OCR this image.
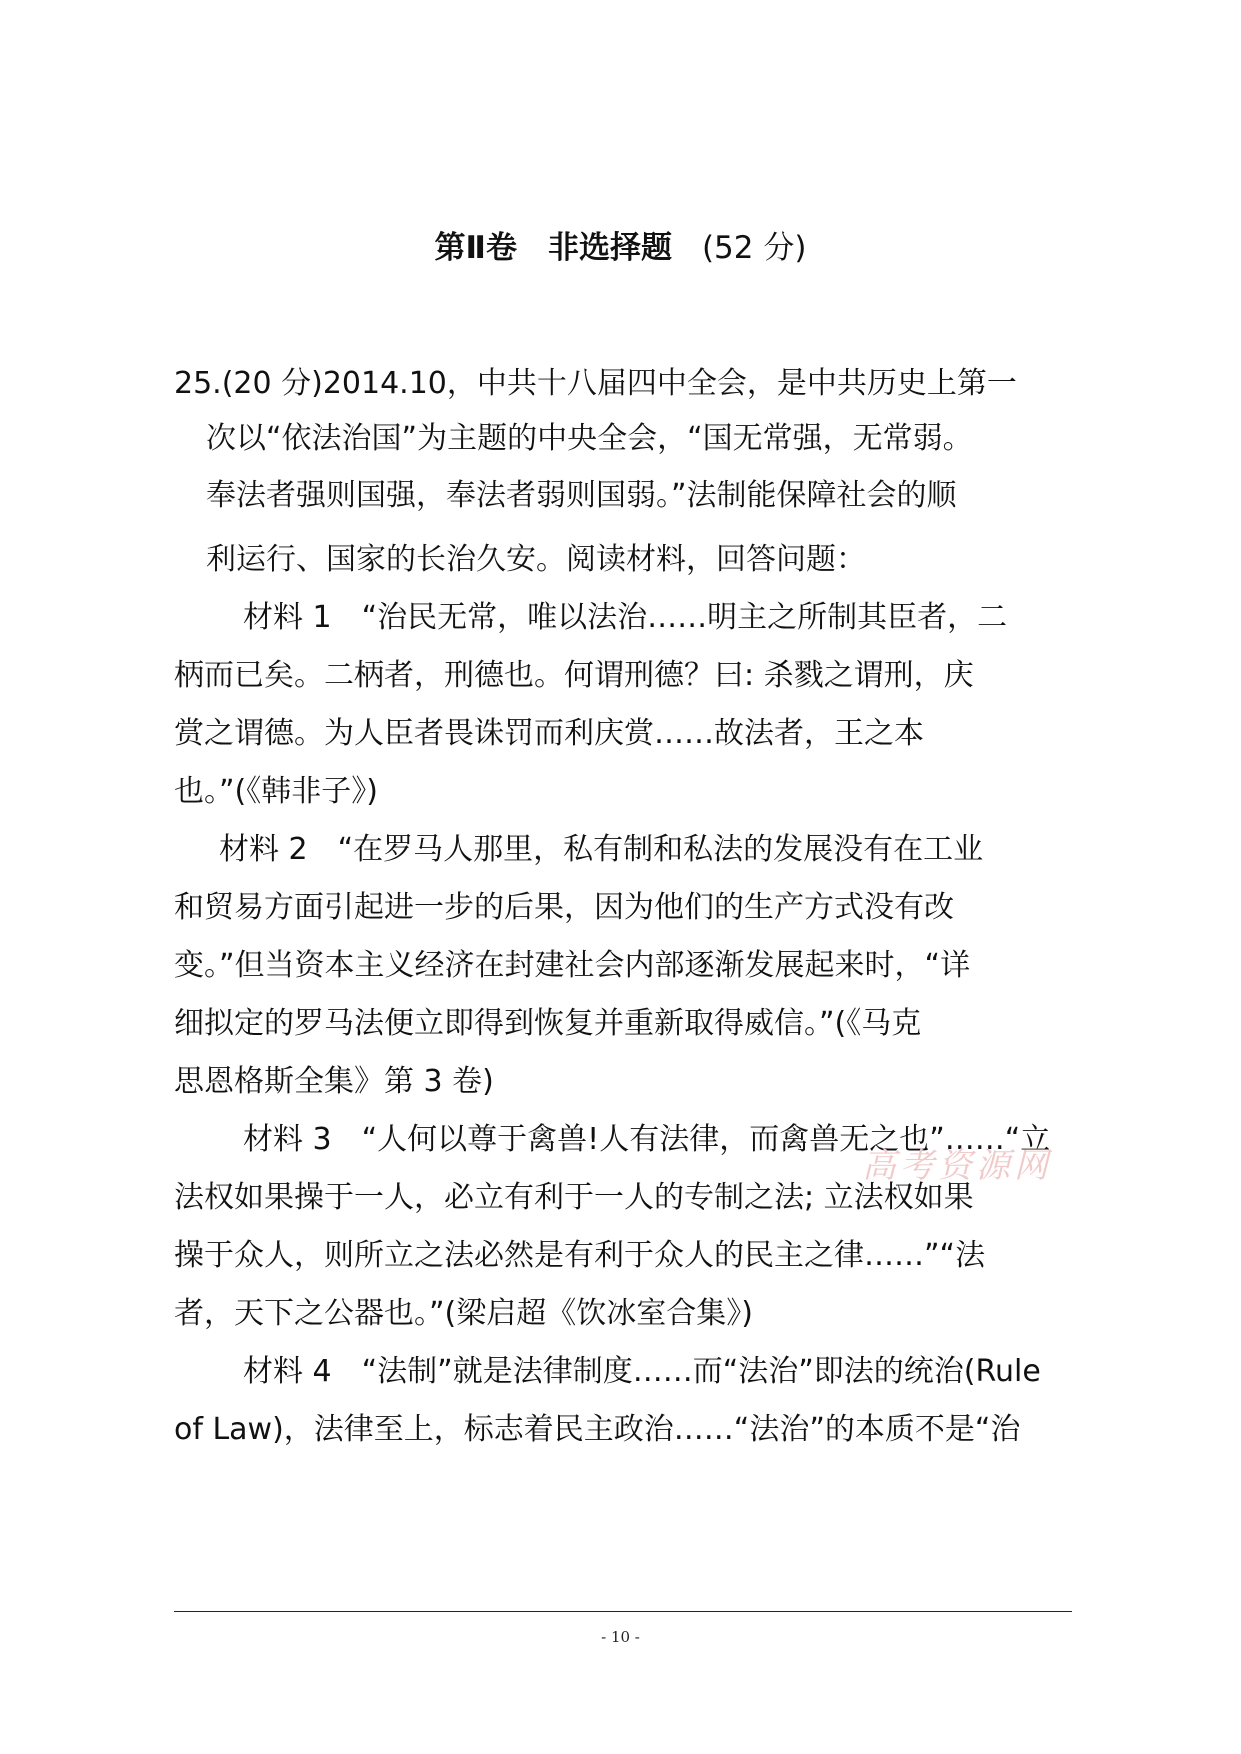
第Ⅱ卷　非选择题 (52 分)
25.(20 分)2014.10，中共十八届四中全会，是中共历史上第一
次以“依法治国”为主题的中央全会，“国无常强，无常弱。
奉法者强则国强，奉法者弱则国弱。”法制能保障社会的顺
利运行、国家的长治久安。阅读材料，回答问题：
材料 1　“治民无常，唯以法治……明主之所制其臣者，二
柄而已矣。二柄者，刑德也。何谓刑德？曰: 杀戮之谓刑，庆
赏之谓德。为人臣者畏诛罚而利庆赏……故法者，王之本
也。”(《韩非子》)
材料 2　“在罗马人那里，私有制和私法的发展没有在工业
和贸易方面引起进一步的后果，因为他们的生产方式没有改
变。”但当资本主义经济在封建社会内部逐渐发展起来时，“详
细拟定的罗马法便立即得到恢复并重新取得威信。”(《马克
思恩格斯全集》第 3 卷)
材料 3　“人何以尊于禽兽!人有法律，而禽兽无之也”……“立
法权如果操于一人，必立有利于一人的专制之法; 立法权如果
操于众人，则所立之法必然是有利于众人的民主之律……”“法
者，天下之公器也。”(梁启超《饮冰室合集》)
材料 4　“法制”就是法律制度……而“法治”即法的统治(Rule
of Law)，法律至上，标志着民主政治……“法治”的本质不是“治
高考资源网
- 10 -
